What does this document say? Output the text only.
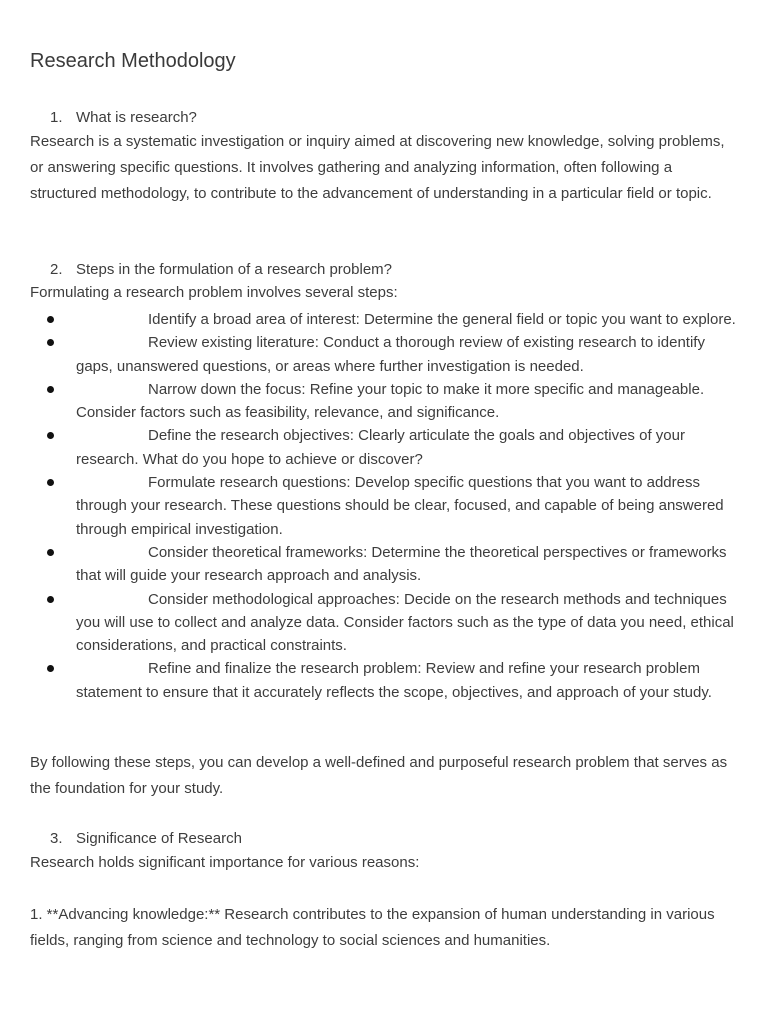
Research Methodology
1. What is research?
Research is a systematic investigation or inquiry aimed at discovering new knowledge, solving problems, or answering specific questions. It involves gathering and analyzing information, often following a structured methodology, to contribute to the advancement of understanding in a particular field or topic.
2. Steps in the formulation of a research problem?
Formulating a research problem involves several steps:
Identify a broad area of interest: Determine the general field or topic you want to explore.
Review existing literature: Conduct a thorough review of existing research to identify gaps, unanswered questions, or areas where further investigation is needed.
Narrow down the focus: Refine your topic to make it more specific and manageable. Consider factors such as feasibility, relevance, and significance.
Define the research objectives: Clearly articulate the goals and objectives of your research. What do you hope to achieve or discover?
Formulate research questions: Develop specific questions that you want to address through your research. These questions should be clear, focused, and capable of being answered through empirical investigation.
Consider theoretical frameworks: Determine the theoretical perspectives or frameworks that will guide your research approach and analysis.
Consider methodological approaches: Decide on the research methods and techniques you will use to collect and analyze data. Consider factors such as the type of data you need, ethical considerations, and practical constraints.
Refine and finalize the research problem: Review and refine your research problem statement to ensure that it accurately reflects the scope, objectives, and approach of your study.
By following these steps, you can develop a well-defined and purposeful research problem that serves as the foundation for your study.
3. Significance of Research
Research holds significant importance for various reasons:
1. **Advancing knowledge:** Research contributes to the expansion of human understanding in various fields, ranging from science and technology to social sciences and humanities.
